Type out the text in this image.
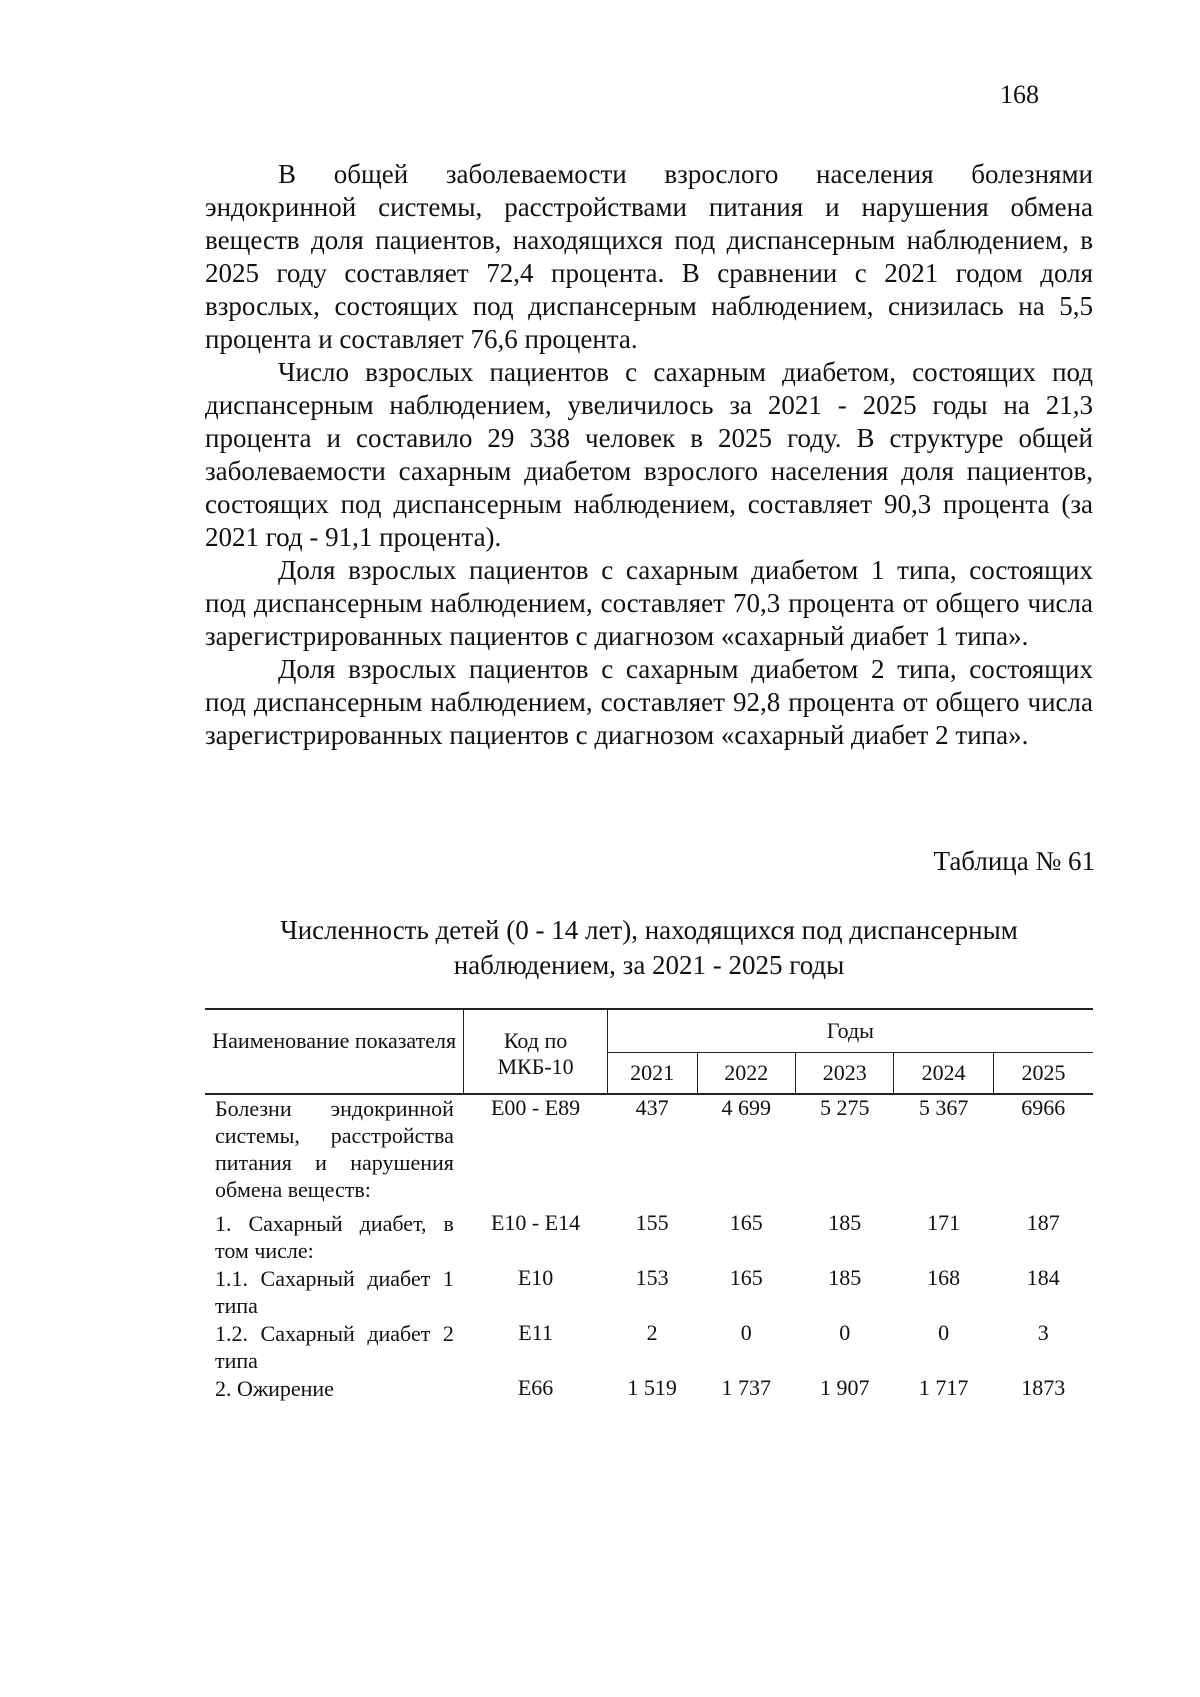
168

В общей заболеваемости взрослого населения болезнями эндокринной системы, расстройствами питания и нарушения обмена веществ доля пациентов, находящихся под диспансерным наблюдением, в 2025 году составляет 72,4 процента. В сравнении с 2021 годом доля взрослых, состоящих под диспансерным наблюдением, снизилась на 5,5 процента и составляет 76,6 процента.

Число взрослых пациентов с сахарным диабетом, состоящих под диспансерным наблюдением, увеличилось за 2021 - 2025 годы на 21,3 процента и составило 29 338 человек в 2025 году. В структуре общей заболеваемости сахарным диабетом взрослого населения доля пациентов, состоящих под диспансерным наблюдением, составляет 90,3 процента (за 2021 год - 91,1 процента).

Доля взрослых пациентов с сахарным диабетом 1 типа, состоящих под диспансерным наблюдением, составляет 70,3 процента от общего числа зарегистрированных пациентов с диагнозом «сахарный диабет 1 типа».

Доля взрослых пациентов с сахарным диабетом 2 типа, состоящих под диспансерным наблюдением, составляет 92,8 процента от общего числа зарегистрированных пациентов с диагнозом «сахарный диабет 2 типа».

Таблица № 61
Численность детей (0 - 14 лет), находящихся под диспансерным наблюдением, за 2021 - 2025 годы
Наименование показателя	Код по МКБ-10	Годы				
		2021	2022	2023	2024	2025
Болезни эндокринной системы, расстройства питания и нарушения обмена веществ:	E00 - E89	437	4 699	5 275	5 367	6966
1. Сахарный диабет, в том числе:	E10 - E14	155	165	185	171	187
1.1. Сахарный диабет 1 типа	E10	153	165	185	168	184
1.2. Сахарный диабет 2 типа	E11	2	0	0	0	3
2. Ожирение	E66	1 519	1 737	1 907	1 717	1873
